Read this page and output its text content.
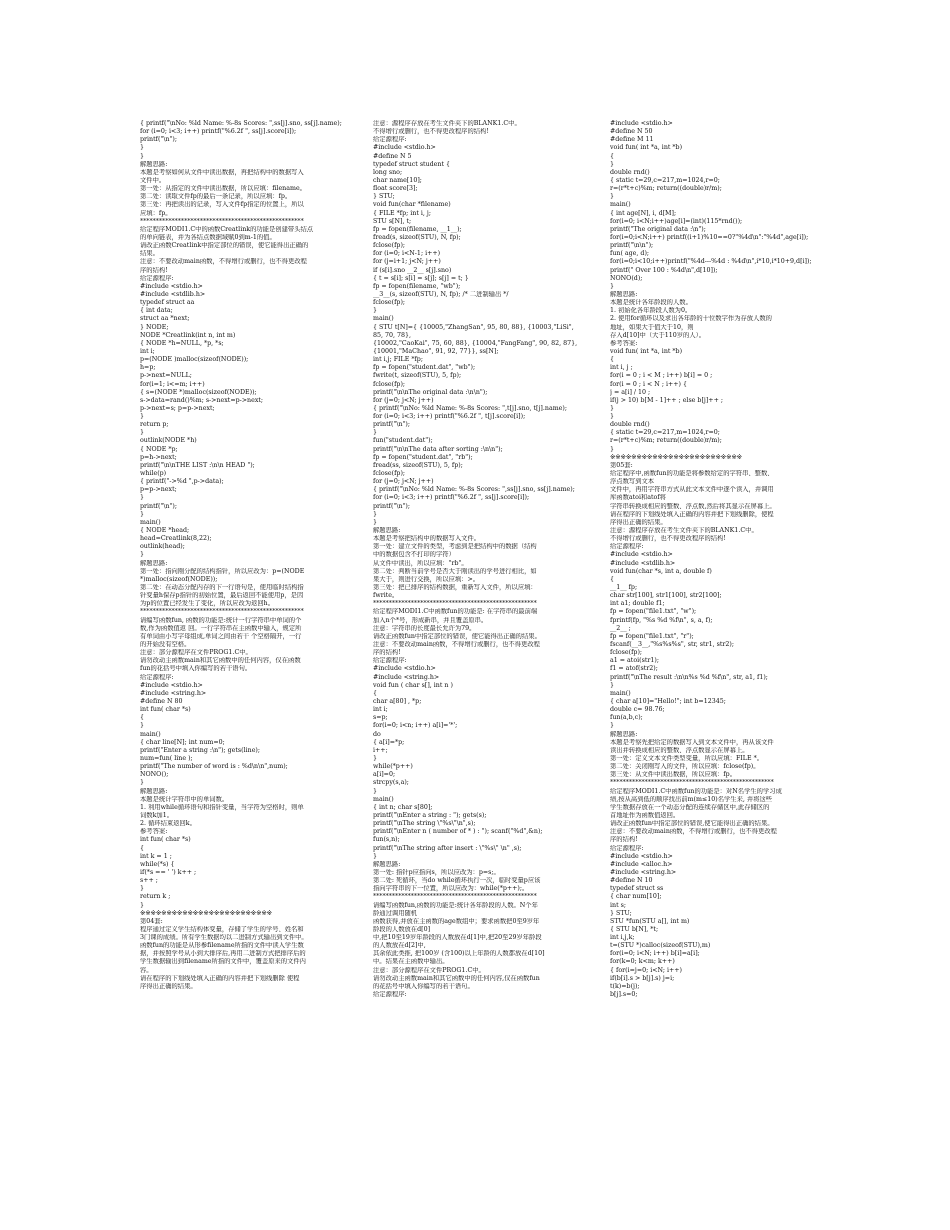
{ printf("\nNo: %ld Name: %-8s Scores: ",ss[j].sno, ss[j].name);
for (i=0; i<3; i++) printf("%6.2f ", ss[j].score[i]);
printf("\n");
}
}
解题思路:
本题是考察如何从文件中读出数据，再把结构中的数据写入
文件中。
第一处：从指定的文件中读出数据，所以应填：filename。
第二处：读取文件fp的最后一条记录，所以应填：fp。
第三处：再把读出的记录，写入文件fp指定的位置上，所以
应填：fp。
****************************************************
给定程序MODI1.C中的函数Creatlink的功能是创建带头结点
的单向链表，并为各结点数据域赋0到m-1的值。
请改正函数Creatlink中指定部位的错误，使它能得出正确的
结果。
注意：不要改动main函数，不得增行或删行，也不得更改程
序的结构!
给定源程序:
#include <stdio.h>
#include <stdlib.h>
typedef struct aa
{ int data;
struct aa *next;
} NODE;
NODE *Creatlink(int n, int m)
{ NODE *h=NULL, *p, *s;
int i;
p=(NODE )malloc(sizeof(NODE));
h=p;
p->next=NULL;
for(i=1; i<=m; i++)
{ s=(NODE *)malloc(sizeof(NODE));
s->data=rand()%m; s->next=p->next;
p->next=s; p=p->next;
}
return p;
}
outlink(NODE *h)
{ NODE *p;
p=h->next;
printf("\n\nTHE LIST :\n\n HEAD ");
while(p)
{ printf("->%d ",p->data);
p=p->next;
}
printf("\n");
}
main()
{ NODE *head;
head=Creatlink(8,22);
outlink(head);
}
解题思路:
第一处：指向刚分配的结构指针，所以应改为：p=(NODE
*)malloc(sizeof(NODE));
第二处：在动态分配内存的下一行语句是，使用临时结构指
针变量h保存p指针的初始位置，最后返回不能使用p，是因
为p的位置已经发生了变化，所以应改为返回h。
****************************************************
请编写函数fun, 函数的功能是:统计一行字符串中单词的个
数,作为函数值返 回。一行字符串在主函数中输入，规定所
有单词由小写字母组成,单词之间由若干 个空格隔开，一行
的开始没有空格。
注意：部分源程序在文件PROG1.C中。
请勿改动主函数main和其它函数中的任何内容，仅在函数
fun的花括号中填入你编写的若干语句。
给定源程序:
#include <stdio.h>
#include <string.h>
#define N 80
int fun( char *s)
{
}
main()
{ char line[N]; int num=0;
printf("Enter a string :\n"); gets(line);
num=fun( line );
printf("The number of word is : %d\n\n",num);
NONO();
}
解题思路:
本题是统计字符串中的单词数。
1. 利用while循环语句和指针变量，当字符为空格时，则单
词数k加1。
2. 循环结束返回k。
参考答案:
int fun( char *s)
{
int k = 1 ;
while(*s) {
if(*s == ' ') k++ ;
s++ ;
}
return k ;
}
※※※※※※※※※※※※※※※※※※※※※※※※※
第04套:
程序通过定义学生结构体变量，存储了学生的学号、姓名和
3门课的成绩。所有学生数据均以二进制方式输出到文件中。
函数fun的功能是从形参filename所指的文件中读入学生数
据，并按照学号从小到大排序后,再用二进制方式把排序后的
学生数据输出到filename所指的文件中，覆盖原来的文件内
容。
请在程序的下划线处填入正确的内容并把下划线删除 使程
序得出正确的结果。
注意：源程序存放在考生文件夹下的BLANK1.C中。
不得增行或删行，也不得更改程序的结构!
给定源程序:
#include <stdio.h>
#define N 5
typedef struct student {
long sno;
char name[10];
float score[3];
} STU;
void fun(char *filename)
{ FILE *fp; int i, j;
STU s[N], t;
fp = fopen(filename, __1__);
fread(s, sizeof(STU), N, fp);
fclose(fp);
for (i=0; i<N-1; i++)
for (j=i+1; j<N; j++)
if (s[i].sno __2__ s[j].sno)
{ t = s[i]; s[i] = s[j]; s[j] = t; }
fp = fopen(filename, "wb");
__3__(s, sizeof(STU), N, fp); /* 二进制输出 */
fclose(fp);
}
main()
{ STU t[N]={ {10005,"ZhangSan", 95, 80, 88}, {10003,"LiSi",
85, 70, 78},
{10002,"CaoKai", 75, 60, 88}, {10004,"FangFang", 90, 82, 87},
{10001,"MaChao", 91, 92, 77}}, ss[N];
int i,j; FILE *fp;
fp = fopen("student.dat", "wb");
fwrite(t, sizeof(STU), 5, fp);
fclose(fp);
printf("\n\nThe original data :\n\n");
for (j=0; j<N; j++)
{ printf("\nNo: %ld Name: %-8s Scores: ",t[j].sno, t[j].name);
for (i=0; i<3; i++) printf("%6.2f ", t[j].score[i]);
printf("\n");
}
fun("student.dat");
printf("\n\nThe data after sorting :\n\n");
fp = fopen("student.dat", "rb");
fread(ss, sizeof(STU), 5, fp);
fclose(fp);
for (j=0; j<N; j++)
{ printf("\nNo: %ld Name: %-8s Scores: ",ss[j].sno, ss[j].name);
for (i=0; i<3; i++) printf("%6.2f ", ss[j].score[i]);
printf("\n");
}
}
解题思路:
本题是考察把结构中的数据写入文件。
第一处：建立文件的类型，考虑到是把结构中的数据（结构
中的数据包含不打印的字符）
从文件中读出，所以应填："rb"。
第二处：判断当前学号是否大于刚读出的学号进行相比，如
果大于，则进行交换，所以应填：>。
第三处：把已排序的结构数据，重新写入文件，所以应填：
fwrite。
****************************************************
给定程序MODI1.C中函数fun的功能是: 在字符串的最前端
加入n个*号，形成新串，并且覆盖原串。
注意：字符串的长度最长允许为79。
请改正函数fun中指定部位的错误，使它能得出正确的结果。
注意：不要改动main函数，不得增行或删行，也不得更改程
序的结构!
给定源程序:
#include <stdio.h>
#include <string.h>
void fun ( char s[], int n )
{
char a[80] , *p;
int i;
s=p;
for(i=0; i<n; i++) a[i]='*';
do
{ a[i]=*p;
i++;
}
while(*p++)
a[i]=0;
strcpy(s,a);
}
main()
{ int n; char s[80];
printf("\nEnter a string : "); gets(s);
printf("\nThe string \"%s\"\n",s);
printf("\nEnter n ( number of * ) : "); scanf("%d",&n);
fun(s,n);
printf("\nThe string after insert : \"%s\" \n" ,s);
}
解题思路:
第一处: 指针p应指向s，所以应改为：p=s;。
第二处: 死循环，当do while循环执行一次，临时变量p应该
指向字符串的下一位置，所以应改为：while(*p++);。
****************************************************
请编写函数fun,函数的功能是:统计各年龄段的人数。N个年
龄通过调用随机
函数获得,并放在主函数的age数组中；要求函数把0至9岁年
龄段的人数放在d[0]
中,把10至19岁年龄段的人数放在d[1]中,把20至29岁年龄段
的人数放在d[2]中,
其余依此类推, 把100岁 (含100)以上年龄的人数都放在d[10]
中。结果在主函数中输出。
注意：部分源程序在文件PROG1.C中。
请勿改动主函数main和其它函数中的任何内容,仅在函数fun
的花括号中填入你编写的若干语句。
给定源程序:
#include <stdio.h>
#define N 50
#define M 11
void fun( int *a, int *b)
{
}
double rnd()
{ static t=29,c=217,m=1024,r=0;
r=(r*t+c)%m; return((double)r/m);
}
main()
{ int age[N], i, d[M];
for(i=0; i<N;i++)age[i]=(int)(115*rnd());
printf("The original data :\n");
for(i=0;i<N;i++) printf((i+1)%10==0?"%4d\n":"%4d",age[i]);
printf("\n\n");
fun( age, d);
for(i=0;i<10;i++)printf("%4d---%4d : %4d\n",i*10,i*10+9,d[i]);
printf(" Over 100 : %4d\n",d[10]);
NONO(d);
}
解题思路:
本题是统计各年龄段的人数。
1. 初始化各年龄段人数为0。
2. 使用for循环以及求出各年龄的十位数字作为存放人数的
地址，如果大于值大于10，则
存入d[10]中（大于110岁的人）。
参考答案:
void fun( int *a, int *b)
{
int i, j ;
for(i = 0 ; i < M ; i++) b[i] = 0 ;
for(i = 0 ; i < N ; i++) {
j = a[i] / 10 ;
if(j > 10) b[M - 1]++ ; else b[j]++ ;
}
}
double rnd()
{ static t=29,c=217,m=1024,r=0;
r=(r*t+c)%m; return((double)r/m);
}
※※※※※※※※※※※※※※※※※※※※※※※※※
第05套:
给定程序中,函数fun的功能是将参数给定的字符串、整数、
浮点数写到文本
文件中，再用字符串方式从此文本文件中逐个读入，并调用
库函数atoi和atof将
字符串转换成相应的整数、浮点数,然后将其显示在屏幕上。
请在程序的下划线处填入正确的内容并把下划线删除，使程
序得出正确的结果。
注意：源程序存放在考生文件夹下的BLANK1.C中。
不得增行或删行，也不得更改程序的结构!
给定源程序:
#include <stdio.h>
#include <stdlib.h>
void fun(char *s, int a, double f)
{
__1__ fp;
char str[100], str1[100], str2[100];
int a1; double f1;
fp = fopen("file1.txt", "w");
fprintf(fp, "%s %d %f\n", s, a, f);
__2__ ;
fp = fopen("file1.txt", "r");
fscanf(__3__,"%s%s%s", str, str1, str2);
fclose(fp);
a1 = atoi(str1);
f1 = atof(str2);
printf("\nThe result :\n\n%s %d %f\n", str, a1, f1);
}
main()
{ char a[10]="Hello!"; int b=12345;
double c= 98.76;
fun(a,b,c);
}
解题思路:
本题是考察先把给定的数据写入到文本文件中，再从该文件
读出并转换成相应的整数、浮点数显示在屏幕上。
第一处：定义文本文件类型变量，所以应填：FILE *。
第二处：关闭刚写入的文件，所以应填：fclose(fp)。
第三处：从文件中读出数据，所以应填：fp。
****************************************************
给定程序MODI1.C中函数fun的功能是：对N名学生的学习成
绩,按从高到低的顺序找出前m(m≤10)名学生来, 并将这些
学生数据存放在一个动态分配的连续存储区中,此存储区的
首地址作为函数值返回。
请改正函数fun中指定部位的错误,使它能得出正确的结果。
注意：不要改动main函数，不得增行或删行，也不得更改程
序的结构!
给定源程序:
#include <stdio.h>
#include <alloc.h>
#include <string.h>
#define N 10
typedef struct ss
{ char num[10];
int s;
} STU;
STU *fun(STU a[], int m)
{ STU b[N], *t;
int i,j,k;
t=(STU *)calloc(sizeof(STU),m)
for(i=0; i<N; i++) b[i]=a[i];
for(k=0; k<m; k++)
{ for(i=j=0; i<N; i++)
if(b[i].s > b[j].s) j=i;
t(k)=b(j);
b[j].s=0;
